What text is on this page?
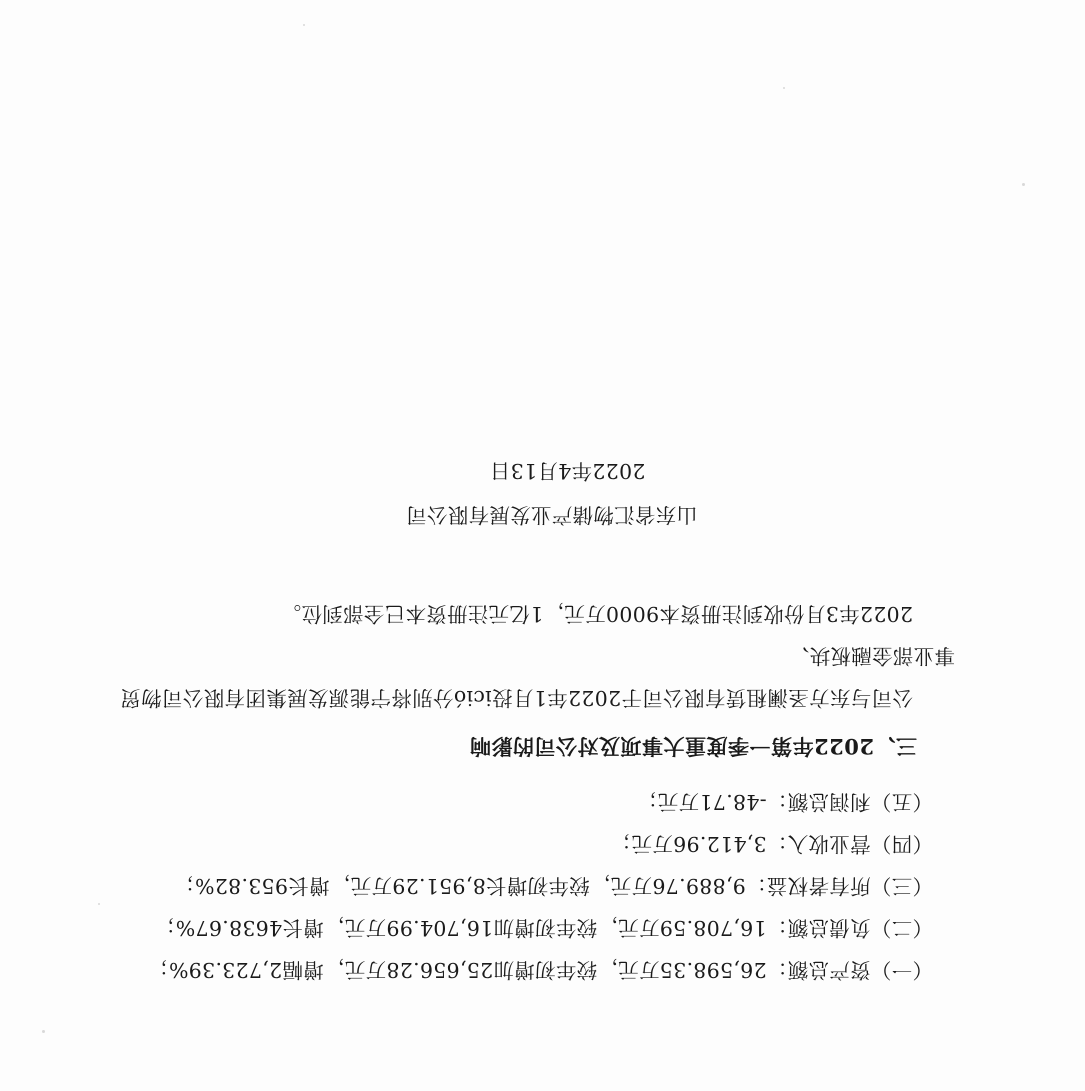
（一）资产总额：26,598.35万元，较年初增加25,656.28万元，增幅2,723.39%；
（二）负债总额：16,708.59万元，较年初增加16,704.99万元，增长4638.67%；
（三）所有者权益：9,889.76万元，较年初增长8,951.29万元，增长953.82%；
（四）营业收入：3,412.96万元；
（五）利润总额：-48.71万元；
三、2022年第一季度重大事项及对公司的影响
公司与东方圣澜租赁有限公司于2022年1月投ició分别将宁能源发展集团有限公司物贸事业部金融板块、
2022年3月份收到注册资本9000万元，1亿元注册资本已全部到位。
山东省汇物储产业发展有限公司
2022年4月13日
